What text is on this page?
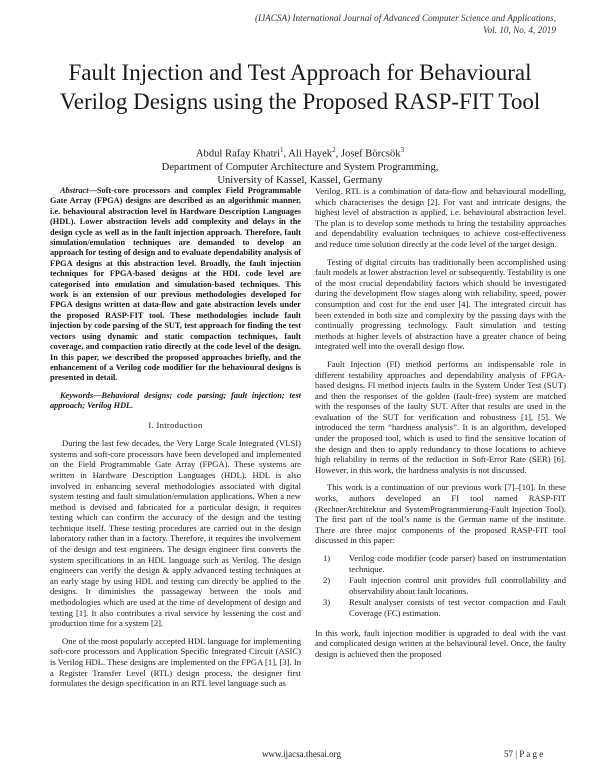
(IJACSA) International Journal of Advanced Computer Science and Applications,
Vol. 10, No. 4, 2019
Fault Injection and Test Approach for Behavioural
Verilog Designs using the Proposed RASP-FIT Tool
Abdul Rafay Khatri$^1$, Ali Hayek$^2$, Josef Börcsök$^3$
Department of Computer Architecture and System Programming,
University of Kassel, Kassel, Germany

Abstract—Soft-core processors and complex Field Programmable Gate Array (FPGA) designs are described as an algorithmic manner, i.e. behavioural abstraction level in Hardware Description Languages (HDL). Lower abstraction levels add complexity and delays in the design cycle as well as in the fault injection approach. Therefore, fault simulation/emulation techniques are demanded to develop an approach for testing of design and to evaluate dependability analysis of FPGA designs at this abstraction level. Broadly, the fault injection techniques for FPGA-based designs at the HDL code level are categorised into emulation and simulation-based techniques. This work is an extension of our previous methodologies developed for FPGA designs written at data-flow and gate abstraction levels under the proposed RASP-FIT tool. These methodologies include fault injection by code parsing of the SUT, test approach for finding the test vectors using dynamic and static compaction techniques, fault coverage, and compaction ratio directly at the code level of the design. In this paper, we described the proposed approaches briefly, and the enhancement of a Verilog code modifier for the behavioural designs is presented in detail.

Keywords—Behavioral designs; code parsing; fault injection; test approach; Verilog HDL.

I. Introduction

During the last few decades, the Very Large Scale Integrated (VLSI) systems and soft-core processors have been developed and implemented on the Field Programmable Gate Array (FPGA). These systems are written in Hardware Description Languages (HDL). HDL is also involved in enhancing several methodologies associated with digital system testing and fault simulation/emulation applications. When a new method is devised and fabricated for a particular design, it requires testing which can confirm the accuracy of the design and the testing technique itself. These testing procedures are carried out in the design laboratory rather than in a factory. Therefore, it requires the involvement of the design and test engineers. The design engineer first converts the system specifications in an HDL language such as Verilog. The design engineers can verify the design & apply advanced testing techniques at an early stage by using HDL and testing can directly be applied to the designs. It diminishes the passageway between the tools and methodologies which are used at the time of development of design and testing [1]. It also contributes a rival service by lessening the cost and production time for a system [2].

One of the most popularly accepted HDL language for implementing soft-core processors and Application Specific Integrated Circuit (ASIC) is Verilog HDL. These designs are implemented on the FPGA [1], [3]. In a Register Transfer Level (RTL) design process, the designer first formulates the design specification in an RTL level language such as

Verilog. RTL is a combination of data-flow and behavioural modelling, which characterises the design [2]. For vast and intricate designs, the highest level of abstraction is applied, i.e. behavioural abstraction level. The plan is to develop some methods to bring the testability approaches and dependability evaluation techniques to achieve cost-effectiveness and reduce time solution directly at the code level of the target design.

Testing of digital circuits has traditionally been accomplished using fault models at lower abstraction level or subsequently. Testability is one of the most crucial dependability factors which should be investigated during the development flow stages along with reliability, speed, power consumption and cost for the end user [4]. The integrated circuit has been extended in both size and complexity by the passing days with the continually progressing technology. Fault simulation and testing methods at higher levels of abstraction have a greater chance of being integrated well into the overall design flow.

Fault Injection (FI) method performs an indispensable role in different testability approaches and dependability analysis of FPGA-based designs. FI method injects faults in the System Under Test (SUT) and then the responses of the golden (fault-free) system are matched with the responses of the faulty SUT. After that results are used in the evaluation of the SUT for verification and robustness [1], [5]. We introduced the term “hardness analysis”. It is an algorithm, developed under the proposed tool, which is used to find the sensitive location of the design and then to apply redundancy to those locations to achieve high reliability in terms of the reduction in Soft-Error Rate (SER) [6]. However, in this work, the hardness analysis is not discussed.

This work is a continuation of our previous work [7]–[10]. In these works, authors developed an FI tool named RASP-FIT (RechnerArchitektur and SystemProgrammierung-Fault Injection Tool). The first part of the tool’s name is the German name of the institute. There are three major components of the proposed RASP-FIT tool discussed in this paper:

1)	Verilog code modifier (code parser) based on instrumentation technique.
2)	Fault injection control unit provides full controllability and observability about fault locations.
3)	Result analyser consists of test vector compaction and Fault Coverage (FC) estimation.

In this work, fault injection modifier is upgraded to deal with the vast and complicated design written at the behavioural level. Once, the faulty design is achieved then the proposed

www.ijacsa.thesai.org	57 | P a g e
